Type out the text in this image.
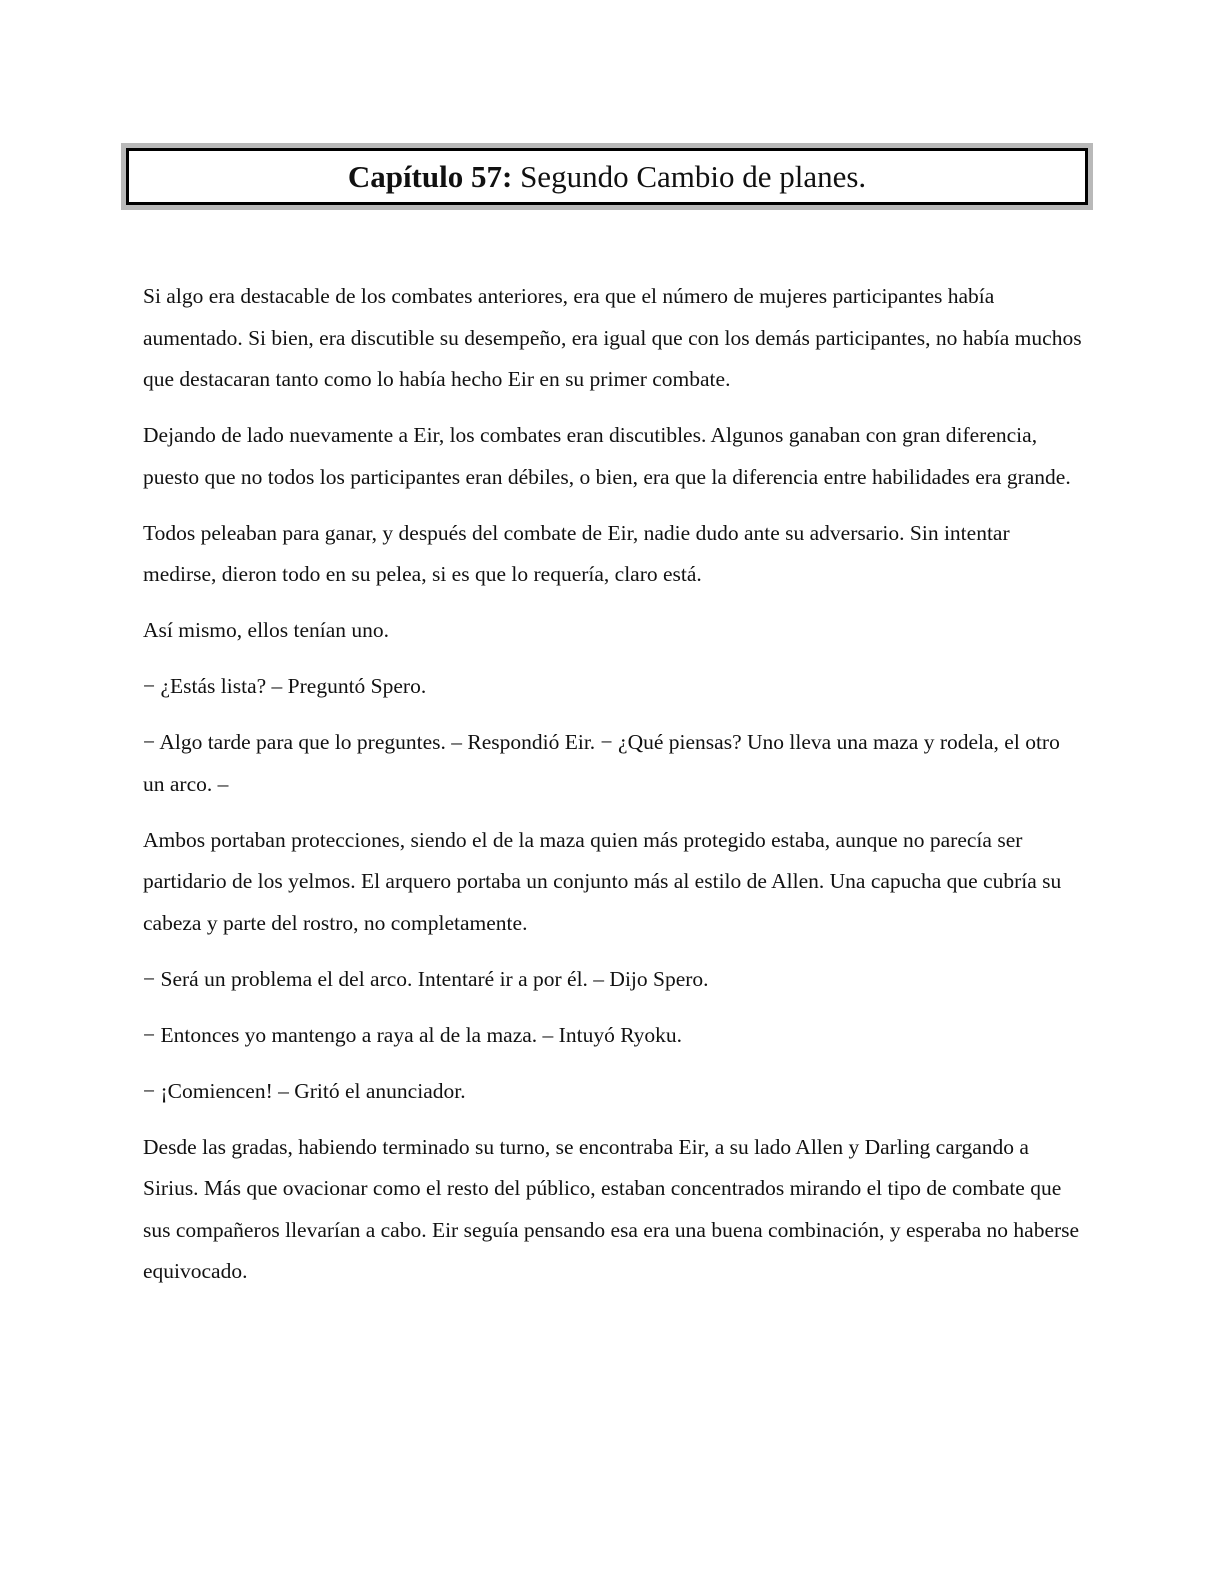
Capítulo 57: Segundo Cambio de planes.

Si algo era destacable de los combates anteriores, era que el número de mujeres participantes había aumentado. Si bien, era discutible su desempeño, era igual que con los demás participantes, no había muchos que destacaran tanto como lo había hecho Eir en su primer combate.

Dejando de lado nuevamente a Eir, los combates eran discutibles. Algunos ganaban con gran diferencia, puesto que no todos los participantes eran débiles, o bien, era que la diferencia entre habilidades era grande.

Todos peleaban para ganar, y después del combate de Eir, nadie dudo ante su adversario. Sin intentar medirse, dieron todo en su pelea, si es que lo requería, claro está.

Así mismo, ellos tenían uno.

− ¿Estás lista? – Preguntó Spero.

− Algo tarde para que lo preguntes. – Respondió Eir. − ¿Qué piensas? Uno lleva una maza y rodela, el otro un arco. –

Ambos portaban protecciones, siendo el de la maza quien más protegido estaba, aunque no parecía ser partidario de los yelmos. El arquero portaba un conjunto más al estilo de Allen. Una capucha que cubría su cabeza y parte del rostro, no completamente.

− Será un problema el del arco. Intentaré ir a por él. – Dijo Spero.

− Entonces yo mantengo a raya al de la maza. – Intuyó Ryoku.

− ¡Comiencen! – Gritó el anunciador.

Desde las gradas, habiendo terminado su turno, se encontraba Eir, a su lado Allen y Darling cargando a Sirius. Más que ovacionar como el resto del público, estaban concentrados mirando el tipo de combate que sus compañeros llevarían a cabo. Eir seguía pensando esa era una buena combinación, y esperaba no haberse equivocado.
